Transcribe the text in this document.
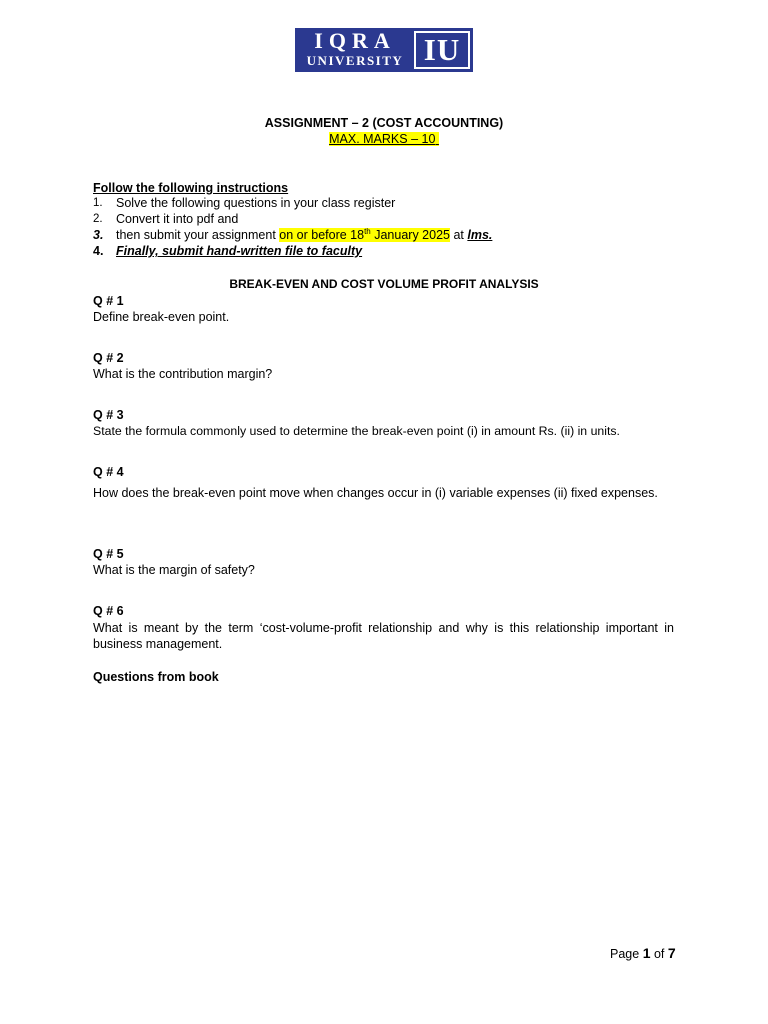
IQRA
UNIVERSITY IU
ASSIGNMENT – 2 (COST ACCOUNTING)
MAX. MARKS – 10
Follow the following instructions
1. Solve the following questions in your class register
2. Convert it into pdf and
3. then submit your assignment on or before 18th January 2025 at lms.
4. Finally, submit hand-written file to faculty
BREAK-EVEN AND COST VOLUME PROFIT ANALYSIS
Q # 1
Define break-even point.
Q # 2
What is the contribution margin?
Q # 3
State the formula commonly used to determine the break-even point (i) in amount Rs. (ii) in units.
Q # 4
How does the break-even point move when changes occur in (i) variable expenses (ii) fixed expenses.
Q # 5
What is the margin of safety?
Q # 6
What is meant by the term ‘cost-volume-profit relationship and why is this relationship important in business management.
Questions from book
Page 1 of 7
